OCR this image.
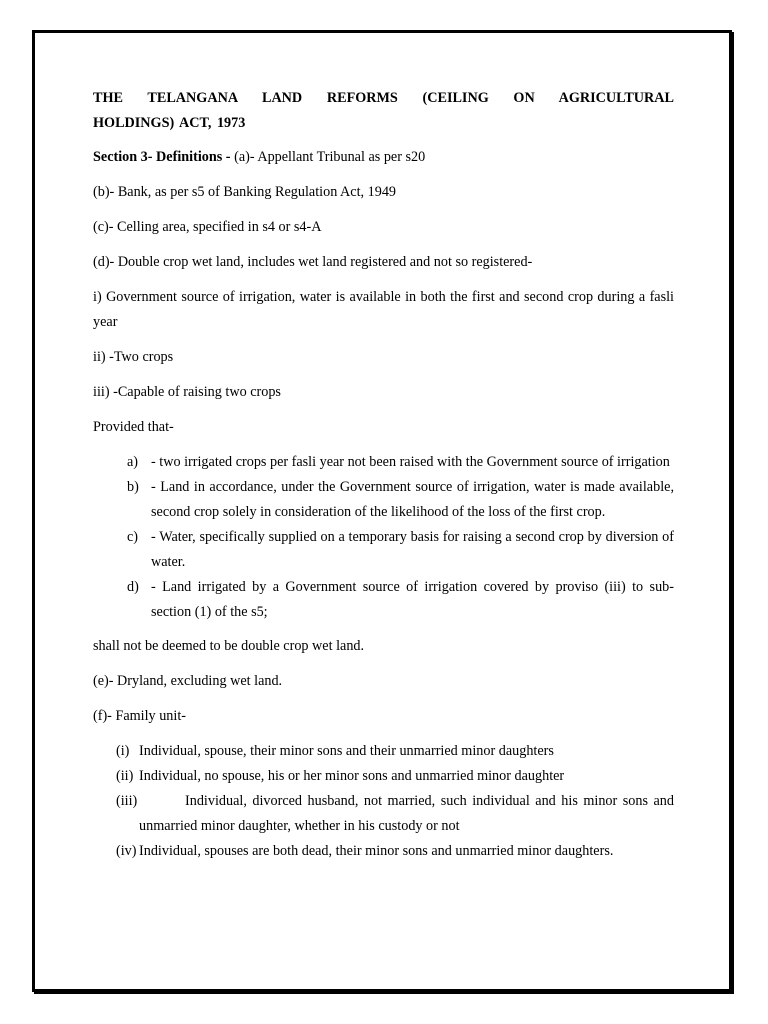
THE TELANGANA LAND REFORMS (CEILING ON AGRICULTURAL
HOLDINGS) ACT, 1973

Section 3- Definitions - (a)- Appellant Tribunal as per s20

(b)- Bank, as per s5 of Banking Regulation Act, 1949

(c)- Celling area, specified in s4 or s4-A

(d)- Double crop wet land, includes wet land registered and not so registered-

i) Government source of irrigation, water is available in both the first and second crop during a fasli year

ii) -Two crops

iii) -Capable of raising two crops

Provided that-

a) - two irrigated crops per fasli year not been raised with the Government source of irrigation
b) - Land in accordance, under the Government source of irrigation, water is made available, second crop solely in consideration of the likelihood of the loss of the first crop.
c) - Water, specifically supplied on a temporary basis for raising a second crop by diversion of water.
d) - Land irrigated by a Government source of irrigation covered by proviso (iii) to sub-section (1) of the s5;

shall not be deemed to be double crop wet land.

(e)- Dryland, excluding wet land.

(f)- Family unit-

(i) Individual, spouse, their minor sons and their unmarried minor daughters
(ii) Individual, no spouse, his or her minor sons and unmarried minor daughter
(iii)	Individual, divorced husband, not married, such individual and his minor sons and unmarried minor daughter, whether in his custody or not
(iv) Individual, spouses are both dead, their minor sons and unmarried minor daughters.
